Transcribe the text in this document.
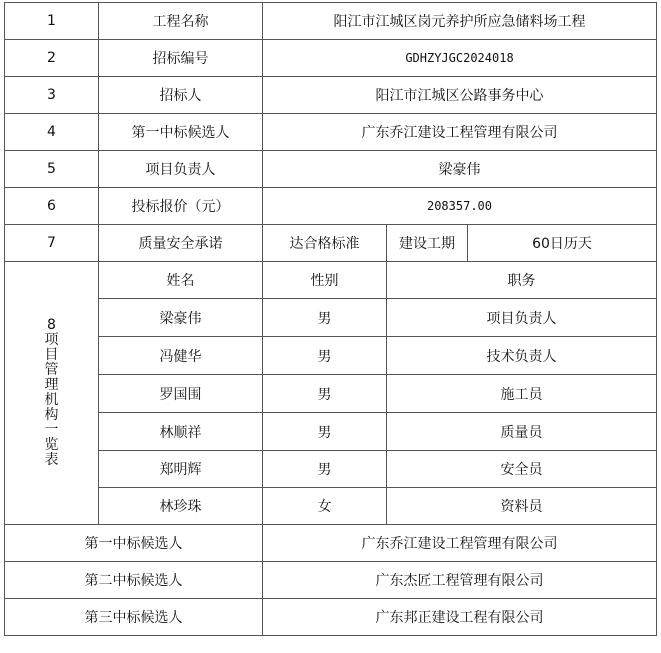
1	工程名称	阳江市江城区岗元养护所应急储料场工程		
2	招标编号	GDHZYJGC2024018		
3	招标人	阳江市江城区公路事务中心		
4	第一中标候选人	广东乔江建设工程管理有限公司		
5	项目负责人	梁豪伟		
6	投标报价（元）	208357.00		
7	质量安全承诺	达合格标准	建设工期	60日历天
8项目管理机构一览表	姓名	性别	职务	
	梁豪伟	男	项目负责人	
	冯健华	男	技术负责人	
	罗国围	男	施工员	
	林顺祥	男	质量员	
	郑明辉	男	安全员	
	林珍珠	女	资料员	
第一中标候选人		广东乔江建设工程管理有限公司		
第二中标候选人		广东杰匠工程管理有限公司		
第三中标候选人		广东邦正建设工程有限公司		
